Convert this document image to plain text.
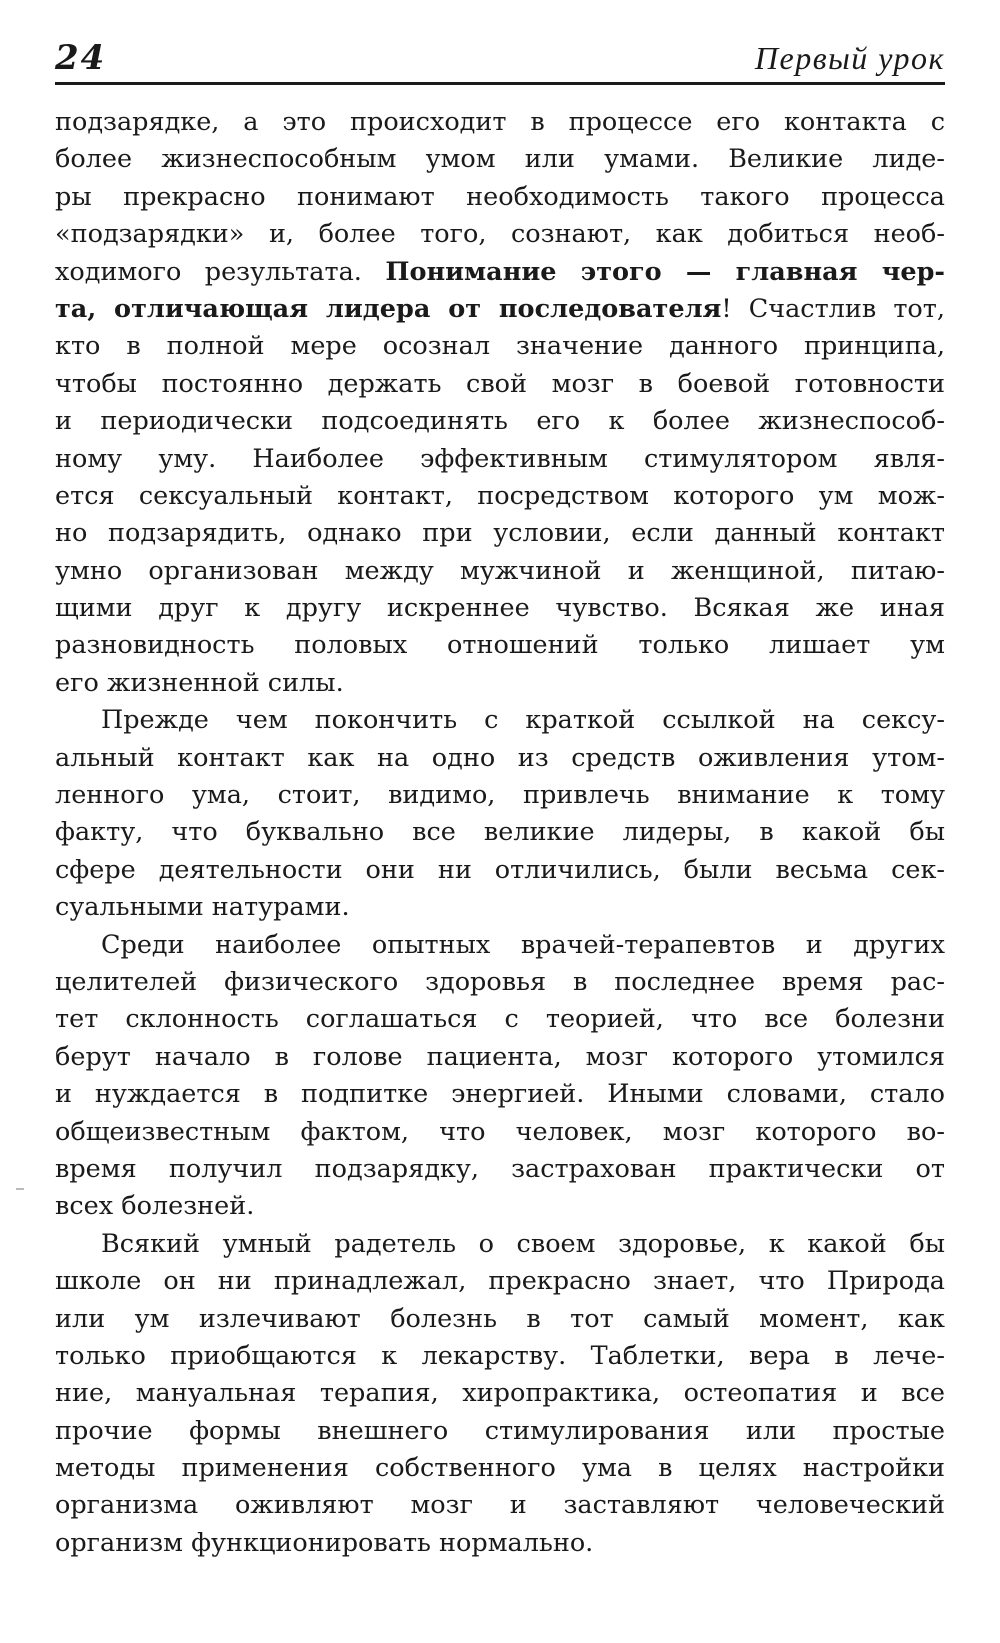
24	Первый урок
подзарядке, а это происходит в процессе его контакта с
более жизнеспособным умом или умами. Великие лиде-
ры прекрасно понимают необходимость такого процесса
«подзарядки» и, более того, сознают, как добиться необ-
ходимого результата. Понимание этого — главная чер-
та, отличающая лидера от последователя! Счастлив тот,
кто в полной мере осознал значение данного принципа,
чтобы постоянно держать свой мозг в боевой готовности
и периодически подсоединять его к более жизнеспособ-
ному уму. Наиболее эффективным стимулятором явля-
ется сексуальный контакт, посредством которого ум мож-
но подзарядить, однако при условии, если данный контакт
умно организован между мужчиной и женщиной, питаю-
щими друг к другу искреннее чувство. Всякая же иная
разновидность половых отношений только лишает ум
его жизненной силы.
Прежде чем покончить с краткой ссылкой на сексу-
альный контакт как на одно из средств оживления утом-
ленного ума, стоит, видимо, привлечь внимание к тому
факту, что буквально все великие лидеры, в какой бы
сфере деятельности они ни отличились, были весьма сек-
суальными натурами.
Среди наиболее опытных врачей-терапевтов и других
целителей физического здоровья в последнее время рас-
тет склонность соглашаться с теорией, что все болезни
берут начало в голове пациента, мозг которого утомился
и нуждается в подпитке энергией. Иными словами, стало
общеизвестным фактом, что человек, мозг которого во-
время получил подзарядку, застрахован практически от
всех болезней.
Всякий умный радетель о своем здоровье, к какой бы
школе он ни принадлежал, прекрасно знает, что Природа
или ум излечивают болезнь в тот самый момент, как
только приобщаются к лекарству. Таблетки, вера в лече-
ние, мануальная терапия, хиропрактика, остеопатия и все
прочие формы внешнего стимулирования или простые
методы применения собственного ума в целях настройки
организма оживляют мозг и заставляют человеческий
организм функционировать нормально.
